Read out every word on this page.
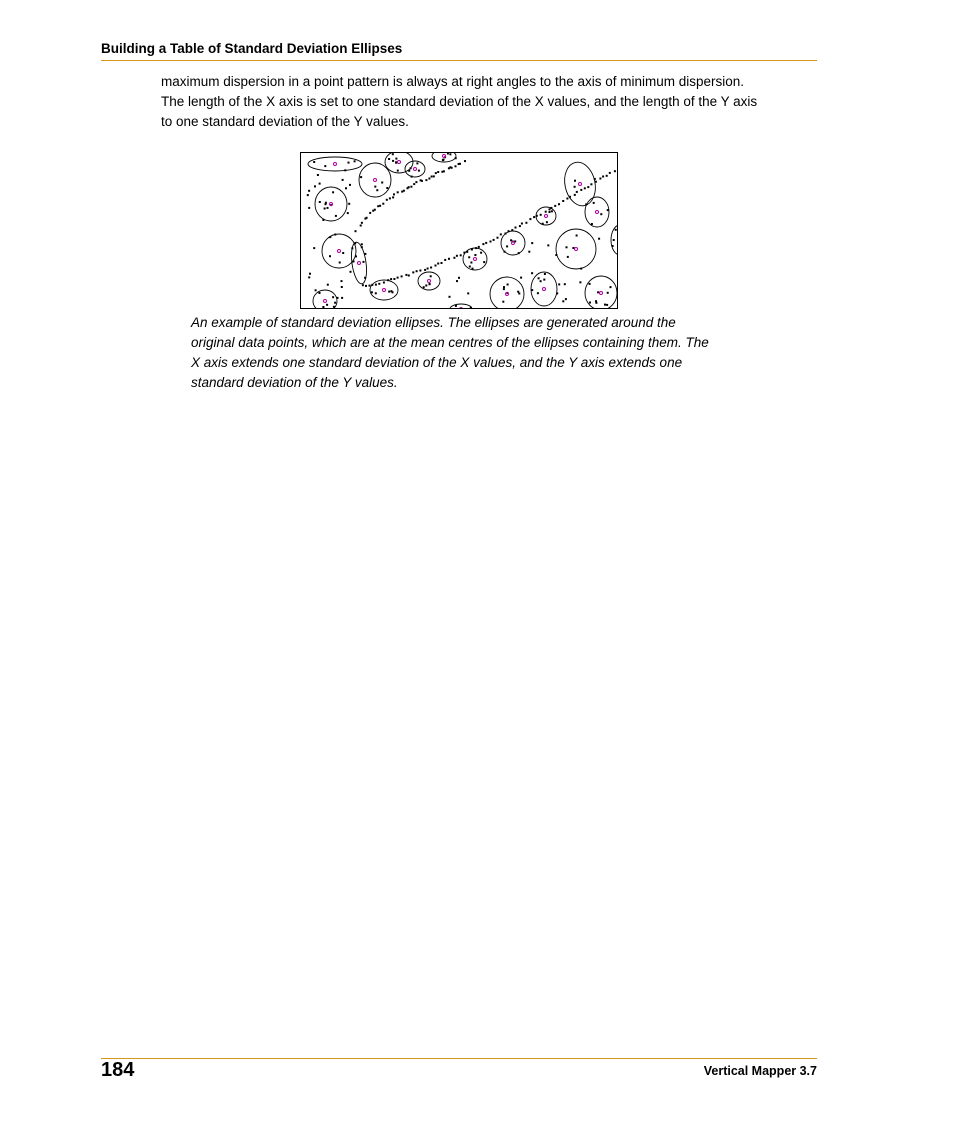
Building a Table of Standard Deviation Ellipses

maximum dispersion in a point pattern is always at right angles to the axis of minimum dispersion.

The length of the X axis is set to one standard deviation of the X values, and the length of the Y axis

to one standard deviation of the Y values.

An example of standard deviation ellipses. The ellipses are generated around the

original data points, which are at the mean centres of the ellipses containing them. The

X axis extends one standard deviation of the X values, and the Y axis extends one

standard deviation of the Y values.

184	Vertical Mapper 3.7
